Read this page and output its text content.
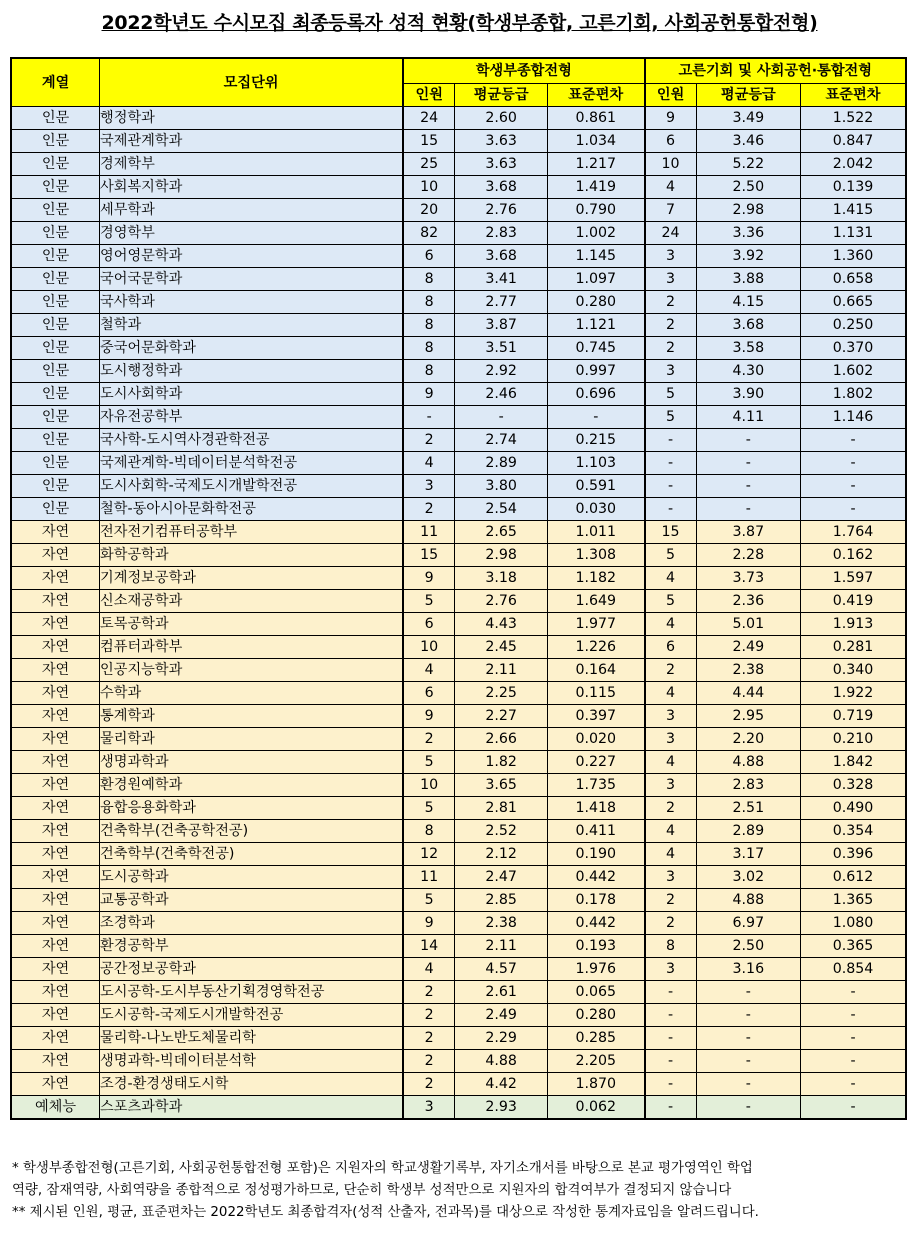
2022학년도 수시모집 최종등록자 성적 현황(학생부종합, 고른기회, 사회공헌통합전형)
계열	모집단위	학생부종합전형			고른기회 및 사회공헌·통합전형		
		인원	평균등급	표준편차	인원	평균등급	표준편차
인문	행정학과	24	2.60	0.861	9	3.49	1.522
인문	국제관계학과	15	3.63	1.034	6	3.46	0.847
인문	경제학부	25	3.63	1.217	10	5.22	2.042
인문	사회복지학과	10	3.68	1.419	4	2.50	0.139
인문	세무학과	20	2.76	0.790	7	2.98	1.415
인문	경영학부	82	2.83	1.002	24	3.36	1.131
인문	영어영문학과	6	3.68	1.145	3	3.92	1.360
인문	국어국문학과	8	3.41	1.097	3	3.88	0.658
인문	국사학과	8	2.77	0.280	2	4.15	0.665
인문	철학과	8	3.87	1.121	2	3.68	0.250
인문	중국어문화학과	8	3.51	0.745	2	3.58	0.370
인문	도시행정학과	8	2.92	0.997	3	4.30	1.602
인문	도시사회학과	9	2.46	0.696	5	3.90	1.802
인문	자유전공학부	-	-	-	5	4.11	1.146
인문	국사학-도시역사경관학전공	2	2.74	0.215	-	-	-
인문	국제관계학-빅데이터분석학전공	4	2.89	1.103	-	-	-
인문	도시사회학-국제도시개발학전공	3	3.80	0.591	-	-	-
인문	철학-동아시아문화학전공	2	2.54	0.030	-	-	-
자연	전자전기컴퓨터공학부	11	2.65	1.011	15	3.87	1.764
자연	화학공학과	15	2.98	1.308	5	2.28	0.162
자연	기계정보공학과	9	3.18	1.182	4	3.73	1.597
자연	신소재공학과	5	2.76	1.649	5	2.36	0.419
자연	토목공학과	6	4.43	1.977	4	5.01	1.913
자연	컴퓨터과학부	10	2.45	1.226	6	2.49	0.281
자연	인공지능학과	4	2.11	0.164	2	2.38	0.340
자연	수학과	6	2.25	0.115	4	4.44	1.922
자연	통계학과	9	2.27	0.397	3	2.95	0.719
자연	물리학과	2	2.66	0.020	3	2.20	0.210
자연	생명과학과	5	1.82	0.227	4	4.88	1.842
자연	환경원예학과	10	3.65	1.735	3	2.83	0.328
자연	융합응용화학과	5	2.81	1.418	2	2.51	0.490
자연	건축학부(건축공학전공)	8	2.52	0.411	4	2.89	0.354
자연	건축학부(건축학전공)	12	2.12	0.190	4	3.17	0.396
자연	도시공학과	11	2.47	0.442	3	3.02	0.612
자연	교통공학과	5	2.85	0.178	2	4.88	1.365
자연	조경학과	9	2.38	0.442	2	6.97	1.080
자연	환경공학부	14	2.11	0.193	8	2.50	0.365
자연	공간정보공학과	4	4.57	1.976	3	3.16	0.854
자연	도시공학-도시부동산기획경영학전공	2	2.61	0.065	-	-	-
자연	도시공학-국제도시개발학전공	2	2.49	0.280	-	-	-
자연	물리학-나노반도체물리학	2	2.29	0.285	-	-	-
자연	생명과학-빅데이터분석학	2	4.88	2.205	-	-	-
자연	조경-환경생태도시학	2	4.42	1.870	-	-	-
예체능	스포츠과학과	3	2.93	0.062	-	-	-
* 학생부종합전형(고른기회, 사회공헌통합전형 포함)은 지원자의 학교생활기록부, 자기소개서를 바탕으로 본교 평가영역인 학업
역량, 잠재역량, 사회역량을 종합적으로 정성평가하므로, 단순히 학생부 성적만으로 지원자의 합격여부가 결정되지 않습니다
** 제시된 인원, 평균, 표준편차는 2022학년도 최종합격자(성적 산출자, 전과목)를 대상으로 작성한 통계자료임을 알려드립니다.
